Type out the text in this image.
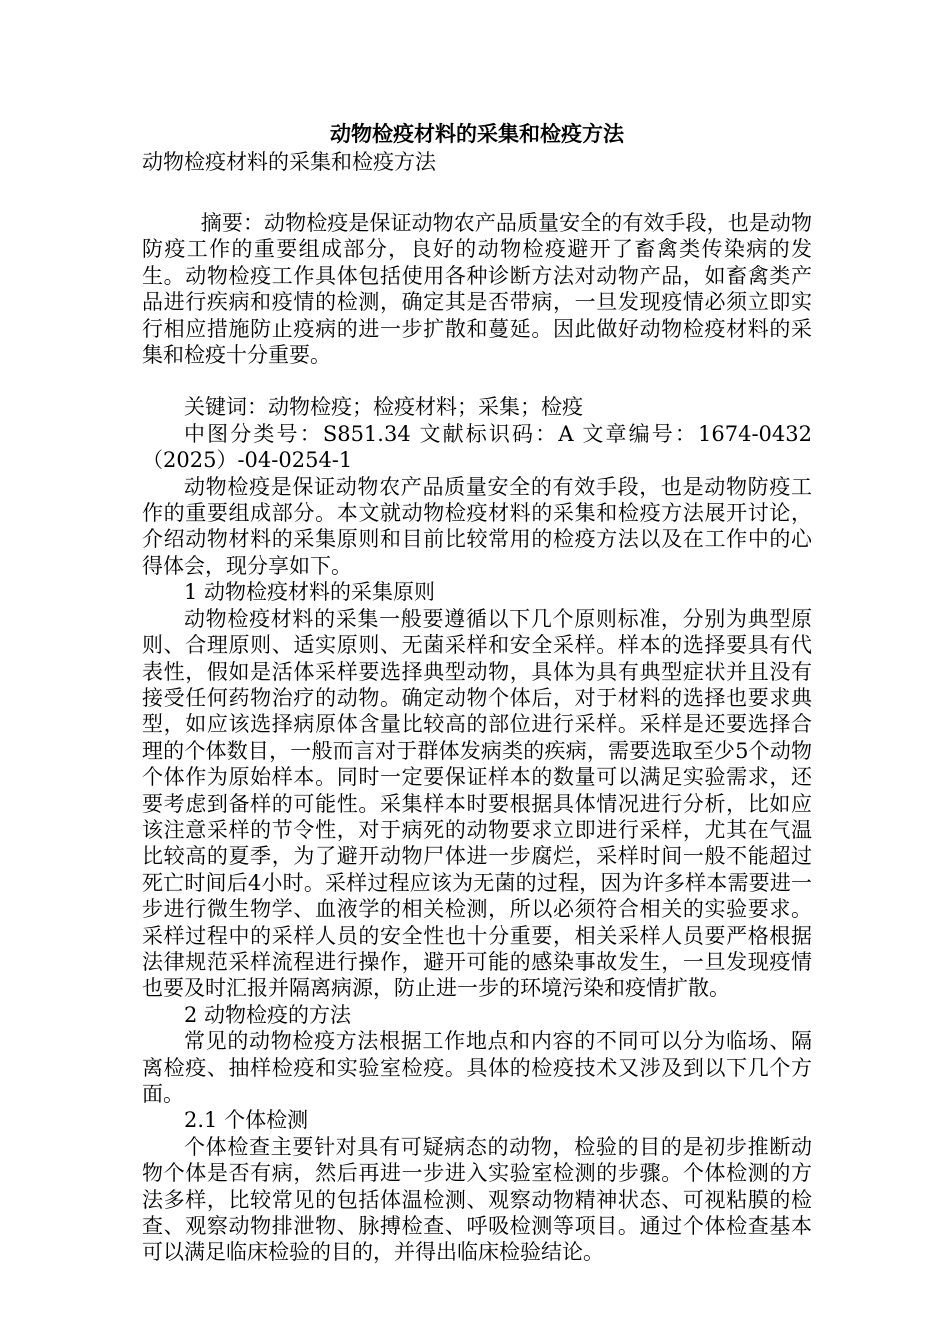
动物检疫材料的采集和检疫方法

动物检疫材料的采集和检疫方法

摘要：动物检疫是保证动物农产品质量安全的有效手段，也是动物防疫工作的重要组成部分，良好的动物检疫避开了畜禽类传染病的发生。动物检疫工作具体包括使用各种诊断方法对动物产品，如畜禽类产品进行疾病和疫情的检测，确定其是否带病，一旦发现疫情必须立即实行相应措施防止疫病的进一步扩散和蔓延。因此做好动物检疫材料的采集和检疫十分重要。

关键词：动物检疫；检疫材料；采集；检疫

中图分类号：S851.34 文献标识码：A 文章编号：1674-0432（2025）-04-0254-1

动物检疫是保证动物农产品质量安全的有效手段，也是动物防疫工作的重要组成部分。本文就动物检疫材料的采集和检疫方法展开讨论，介绍动物材料的采集原则和目前比较常用的检疫方法以及在工作中的心得体会，现分享如下。

1 动物检疫材料的采集原则

动物检疫材料的采集一般要遵循以下几个原则标准，分别为典型原则、合理原则、适实原则、无菌采样和安全采样。样本的选择要具有代表性，假如是活体采样要选择典型动物，具体为具有典型症状并且没有接受任何药物治疗的动物。确定动物个体后，对于材料的选择也要求典型，如应该选择病原体含量比较高的部位进行采样。采样是还要选择合理的个体数目，一般而言对于群体发病类的疾病，需要选取至少5个动物个体作为原始样本。同时一定要保证样本的数量可以满足实验需求，还要考虑到备样的可能性。采集样本时要根据具体情况进行分析，比如应该注意采样的节令性，对于病死的动物要求立即进行采样，尤其在气温比较高的夏季，为了避开动物尸体进一步腐烂，采样时间一般不能超过死亡时间后4小时。采样过程应该为无菌的过程，因为许多样本需要进一步进行微生物学、血液学的相关检测，所以必须符合相关的实验要求。采样过程中的采样人员的安全性也十分重要，相关采样人员要严格根据法律规范采样流程进行操作，避开可能的感染事故发生，一旦发现疫情也要及时汇报并隔离病源，防止进一步的环境污染和疫情扩散。

2 动物检疫的方法

常见的动物检疫方法根据工作地点和内容的不同可以分为临场、隔离检疫、抽样检疫和实验室检疫。具体的检疫技术又涉及到以下几个方面。

2.1 个体检测

个体检查主要针对具有可疑病态的动物，检验的目的是初步推断动物个体是否有病，然后再进一步进入实验室检测的步骤。个体检测的方法多样，比较常见的包括体温检测、观察动物精神状态、可视粘膜的检查、观察动物排泄物、脉搏检查、呼吸检测等项目。通过个体检查基本可以满足临床检验的目的，并得出临床检验结论。
